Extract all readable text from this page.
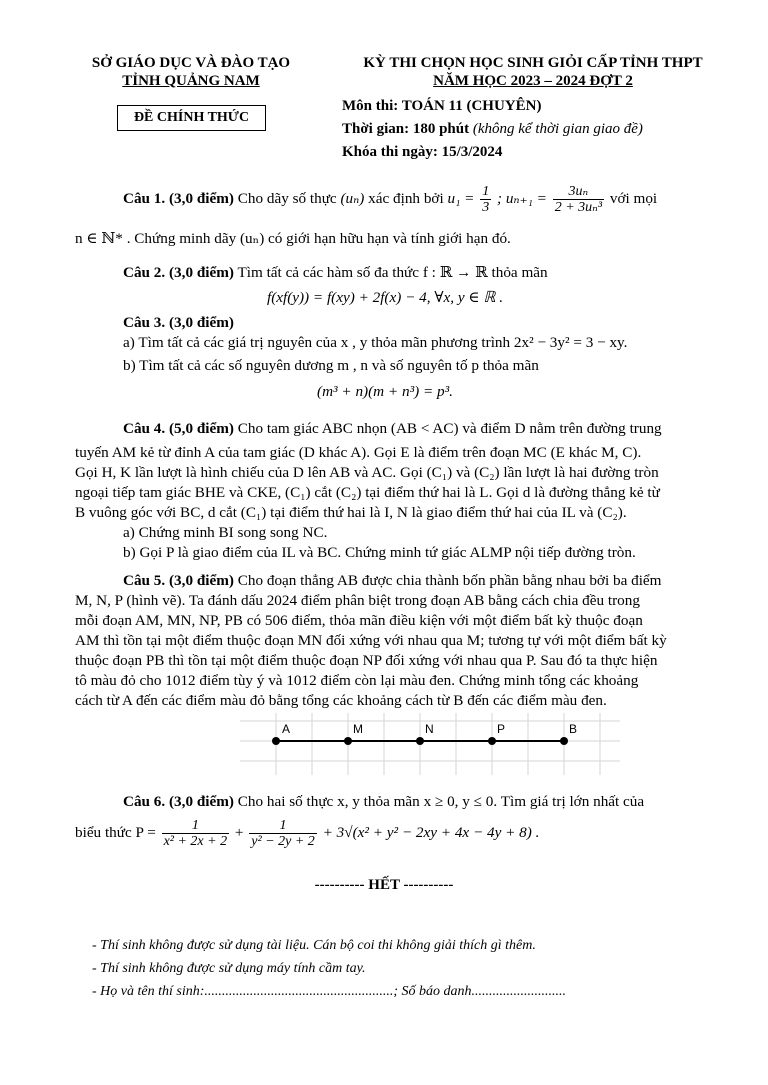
SỞ GIÁO DỤC VÀ ĐÀO TẠO
TỈNH QUẢNG NAM
KỲ THI CHỌN HỌC SINH GIỎI CẤP TỈNH THPT
NĂM HỌC 2023 – 2024 ĐỢT 2
ĐỀ CHÍNH THỨC
Môn thi: TOÁN 11 (CHUYÊN)
Thời gian: 180 phút (không kể thời gian giao đề)
Khóa thi ngày: 15/3/2024
Câu 1. (3,0 điểm) Cho dãy số thực (uₙ) xác định bởi $u_1 = \frac{1}{3}$ ; $u_{n+1} = \frac{\text{3uₙ}}{\text{2 + 3uₙ³}}$ với mọi
n ∈ ℕ* . Chứng minh dãy (uₙ) có giới hạn hữu hạn và tính giới hạn đó.
Câu 2. (3,0 điểm) Tìm tất cả các hàm số đa thức f : ℝ → ℝ thỏa mãn
f(xf(y)) = f(xy) + 2f(x) − 4, ∀x, y ∈ ℝ .
Câu 3. (3,0 điểm)
a) Tìm tất cả các giá trị nguyên của x , y thỏa mãn phương trình 2x² − 3y² = 3 − xy.
b) Tìm tất cả các số nguyên dương m , n và số nguyên tố p thỏa mãn
(m³ + n)(m + n³) = p³.
Câu 4. (5,0 điểm) Cho tam giác ABC nhọn (AB < AC) và điểm D nằm trên đường trung
tuyến AM kẻ từ đỉnh A của tam giác (D khác A). Gọi E là điểm trên đoạn MC (E khác M, C).
Gọi H, K lần lượt là hình chiếu của D lên AB và AC. Gọi (C₁) và (C₂) lần lượt là hai đường tròn
ngoại tiếp tam giác BHE và CKE, (C₁) cắt (C₂) tại điểm thứ hai là L. Gọi d là đường thẳng kẻ từ
B vuông góc với BC, d cắt (C₁) tại điểm thứ hai là I, N là giao điểm thứ hai của IL và (C₂).
a) Chứng minh BI song song NC.
b) Gọi P là giao điểm của IL và BC. Chứng minh tứ giác ALMP nội tiếp đường tròn.
Câu 5. (3,0 điểm) Cho đoạn thẳng AB được chia thành bốn phần bằng nhau bởi ba điểm
M, N, P (hình vẽ). Ta đánh dấu 2024 điểm phân biệt trong đoạn AB bằng cách chia đều trong
mỗi đoạn AM, MN, NP, PB có 506 điểm, thỏa mãn điều kiện với một điểm bất kỳ thuộc đoạn
AM thì tồn tại một điểm thuộc đoạn MN đối xứng với nhau qua M; tương tự với một điểm bất kỳ
thuộc đoạn PB thì tồn tại một điểm thuộc đoạn NP đối xứng với nhau qua P. Sau đó ta thực hiện
tô màu đỏ cho 1012 điểm tùy ý và 1012 điểm còn lại màu đen. Chứng minh tổng các khoảng
cách từ A đến các điểm màu đỏ bằng tổng các khoảng cách từ B đến các điểm màu đen.
A	M	N	P	B
Câu 6. (3,0 điểm) Cho hai số thực x, y thỏa mãn x ≥ 0, y ≤ 0. Tìm giá trị lớn nhất của
biểu thức $P = \frac{1}{\text{x² + 2x + 2}} + \frac{1}{\text{y² − 2y + 2}} + 3√(x^2 + y^2 - 2xy + 4x - 4y + 8)$ .
---------- HẾT ----------
- Thí sinh không được sử dụng tài liệu. Cán bộ coi thi không giải thích gì thêm.
- Thí sinh không được sử dụng máy tính cầm tay.
- Họ và tên thí sinh:......................................................; Số báo danh...........................
